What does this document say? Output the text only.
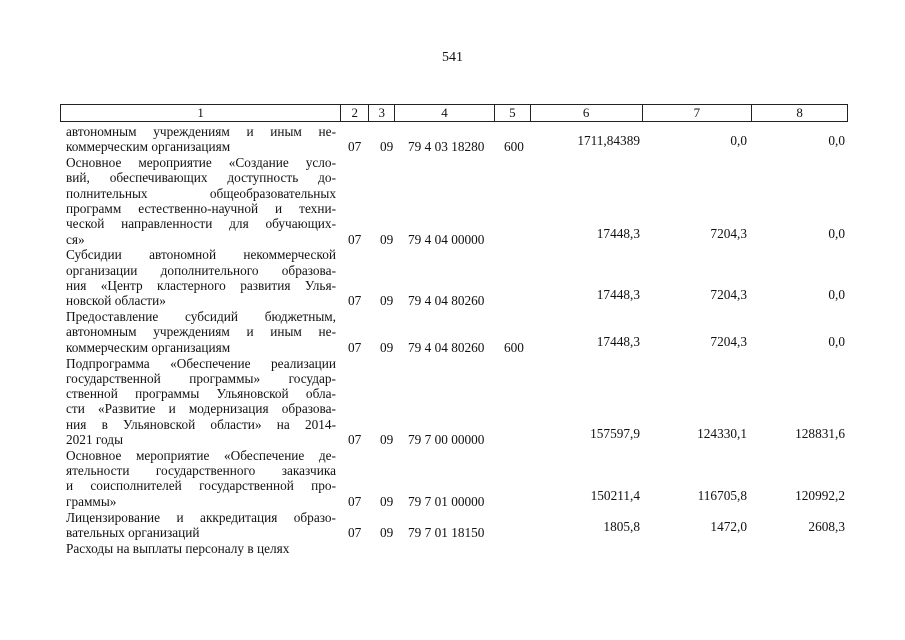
541
1	2	3	4	5	6	7	8
автономным учреждениям и иным не-
коммерческим организациям	07 09 79 4 03 18280 600	1711,84389	0,0	0,0
Основное мероприятие «Создание усло-
вий, обеспечивающих доступность до-
полнительных общеобразовательных
программ естественно-научной и техни-
ческой направленности для обучающих-
ся»	07 09 79 4 04 00000	17448,3	7204,3	0,0
Субсидии автономной некоммерческой
организации дополнительного образова-
ния «Центр кластерного развития Улья-
новской области»	07 09 79 4 04 80260	17448,3	7204,3	0,0
Предоставление субсидий бюджетным,
автономным учреждениям и иным не-
коммерческим организациям	07 09 79 4 04 80260 600	17448,3	7204,3	0,0
Подпрограмма «Обеспечение реализации
государственной программы» государ-
ственной программы Ульяновской обла-
сти «Развитие и модернизация образова-
ния в Ульяновской области» на 2014-
2021 годы	07 09 79 7 00 00000	157597,9	124330,1	128831,6
Основное мероприятие «Обеспечение де-
ятельности государственного заказчика
и соисполнителей государственной про-
граммы»	07 09 79 7 01 00000	150211,4	116705,8	120992,2
Лицензирование и аккредитация образо-
вательных организаций	07 09 79 7 01 18150	1805,8	1472,0	2608,3
Расходы на выплаты персоналу в целях
